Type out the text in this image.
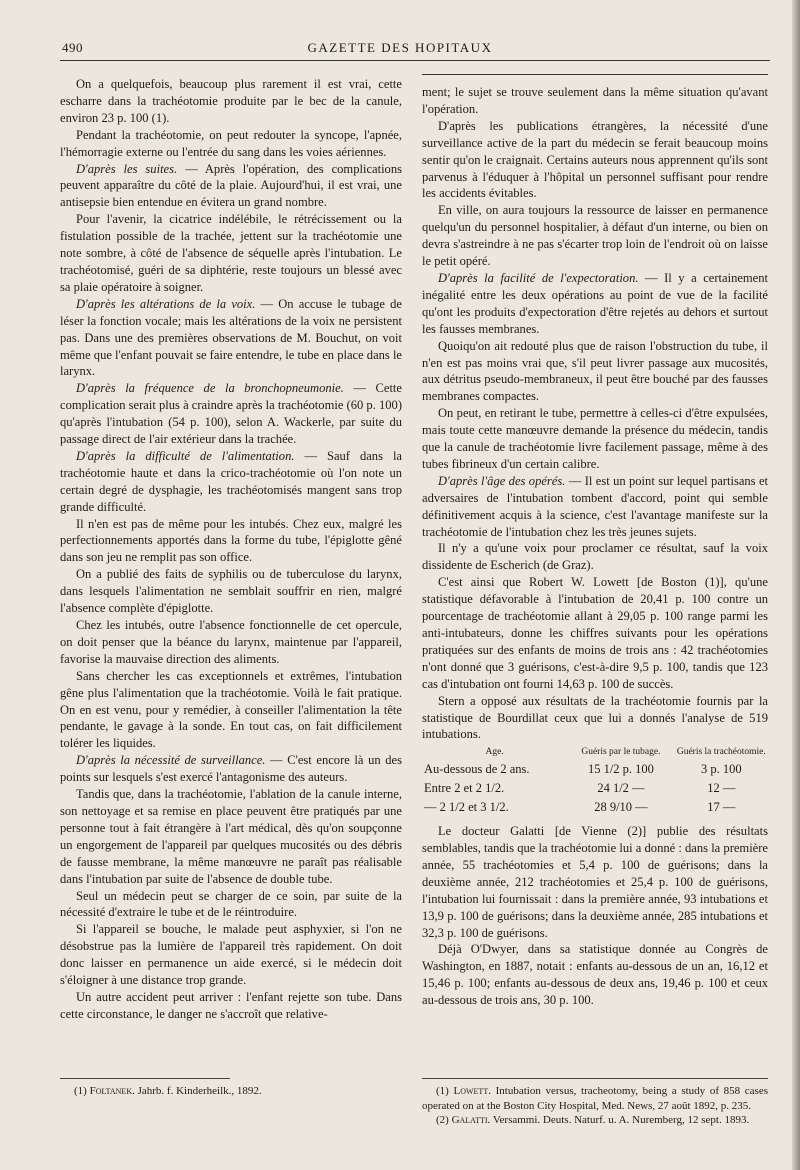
490	GAZETTE DES HOPITAUX

On a quelquefois, beaucoup plus rarement il est vrai, cette escharre dans la trachéotomie produite par le bec de la canule, environ 23 p. 100 (1).

Pendant la trachéotomie, on peut redouter la syncope, l'apnée, l'hémorragie externe ou l'entrée du sang dans les voies aériennes.

D'après les suites. — Après l'opération, des complications peuvent apparaître du côté de la plaie. Aujourd'hui, il est vrai, une antisepsie bien entendue en évitera un grand nombre.

Pour l'avenir, la cicatrice indélébile, le rétrécissement ou la fistulation possible de la trachée, jettent sur la trachéotomie une note sombre, à côté de l'absence de séquelle après l'intubation. Le trachéotomisé, guéri de sa diphtérie, reste toujours un blessé avec sa plaie opératoire à soigner.

D'après les altérations de la voix. — On accuse le tubage de léser la fonction vocale; mais les altérations de la voix ne persistent pas. Dans une des premières observations de M. Bouchut, on voit même que l'enfant pouvait se faire entendre, le tube en place dans le larynx.

D'après la fréquence de la bronchopneumonie. — Cette complication serait plus à craindre après la trachéotomie (60 p. 100) qu'après l'intubation (54 p. 100), selon A. Wackerle, par suite du passage direct de l'air extérieur dans la trachée.

D'après la difficulté de l'alimentation. — Sauf dans la trachéotomie haute et dans la crico-trachéotomie où l'on note un certain degré de dysphagie, les trachéotomisés mangent sans trop grande difficulté.

Il n'en est pas de même pour les intubés. Chez eux, malgré les perfectionnements apportés dans la forme du tube, l'épiglotte gêné dans son jeu ne remplit pas son office.

On a publié des faits de syphilis ou de tuberculose du larynx, dans lesquels l'alimentation ne semblait souffrir en rien, malgré l'absence complète d'épiglotte.

Chez les intubés, outre l'absence fonctionnelle de cet opercule, on doit penser que la béance du larynx, maintenue par l'appareil, favorise la mauvaise direction des aliments.

Sans chercher les cas exceptionnels et extrêmes, l'intubation gêne plus l'alimentation que la trachéotomie. Voilà le fait pratique. On en est venu, pour y remédier, à conseiller l'alimentation la tête pendante, le gavage à la sonde. En tout cas, on fait difficilement tolérer les liquides.

D'après la nécessité de surveillance. — C'est encore là un des points sur lesquels s'est exercé l'antagonisme des auteurs.

Tandis que, dans la trachéotomie, l'ablation de la canule interne, son nettoyage et sa remise en place peuvent être pratiqués par une personne tout à fait étrangère à l'art médical, dès qu'on soupçonne un engorgement de l'appareil par quelques mucosités ou des débris de fausse membrane, la même manœuvre ne paraît pas réalisable dans l'intubation par suite de l'absence de double tube.

Seul un médecin peut se charger de ce soin, par suite de la nécessité d'extraire le tube et de le réintroduire.

Si l'appareil se bouche, le malade peut asphyxier, si l'on ne désobstrue pas la lumière de l'appareil très rapidement. On doit donc laisser en permanence un aide exercé, si le médecin doit s'éloigner à une distance trop grande.

Un autre accident peut arriver : l'enfant rejette son tube. Dans cette circonstance, le danger ne s'accroît que relative-

(1) Foltanek. Jahrb. f. Kinderheilk., 1892.

ment; le sujet se trouve seulement dans la même situation qu'avant l'opération.

D'après les publications étrangères, la nécessité d'une surveillance active de la part du médecin se ferait beaucoup moins sentir qu'on le craignait. Certains auteurs nous apprennent qu'ils sont parvenus à l'éduquer à l'hôpital un personnel suffisant pour rendre les accidents évitables.

En ville, on aura toujours la ressource de laisser en permanence quelqu'un du personnel hospitalier, à défaut d'un interne, ou bien on devra s'astreindre à ne pas s'écarter trop loin de l'endroit où on laisse le petit opéré.

D'après la facilité de l'expectoration. — Il y a certainement inégalité entre les deux opérations au point de vue de la facilité qu'ont les produits d'expectoration d'être rejetés au dehors et surtout les fausses membranes.

Quoiqu'on ait redouté plus que de raison l'obstruction du tube, il n'en est pas moins vrai que, s'il peut livrer passage aux mucosités, aux détritus pseudo-membraneux, il peut être bouché par des fausses membranes compactes.

On peut, en retirant le tube, permettre à celles-ci d'être expulsées, mais toute cette manœuvre demande la présence du médecin, tandis que la canule de trachéotomie livre facilement passage, même à des tubes fibrineux d'un certain calibre.

D'après l'âge des opérés. — Il est un point sur lequel partisans et adversaires de l'intubation tombent d'accord, point qui semble définitivement acquis à la science, c'est l'avantage manifeste sur la trachéotomie de l'intubation chez les très jeunes sujets.

Il n'y a qu'une voix pour proclamer ce résultat, sauf la voix dissidente de Escherich (de Graz).

C'est ainsi que Robert W. Lowett [de Boston (1)], qu'une statistique défavorable à l'intubation de 20,41 p. 100 contre un pourcentage de trachéotomie allant à 29,05 p. 100 range parmi les anti-intubateurs, donne les chiffres suivants pour les opérations pratiquées sur des enfants de moins de trois ans : 42 trachéotomies n'ont donné que 3 guérisons, c'est-à-dire 9,5 p. 100, tandis que 123 cas d'intubation ont fourni 14,63 p. 100 de succès.

Stern a opposé aux résultats de la trachéotomie fournis par la statistique de Bourdillat ceux que lui a donnés l'analyse de 519 intubations.

Age.	Guéris par le tubage.	Guéris la trachéotomie.
Au-dessous de 2 ans.	15 1/2 p. 100	3 p. 100
Entre 2 et 2 1/2.	24 1/2 —	12 —
— 2 1/2 et 3 1/2.	28 9/10 —	17 —

Le docteur Galatti [de Vienne (2)] publie des résultats semblables, tandis que la trachéotomie lui a donné : dans la première année, 55 trachéotomies et 5,4 p. 100 de guérisons; dans la deuxième année, 212 trachéotomies et 25,4 p. 100 de guérisons, l'intubation lui fournissait : dans la première année, 93 intubations et 13,9 p. 100 de guérisons; dans la deuxième année, 285 intubations et 32,3 p. 100 de guérisons.

Déjà O'Dwyer, dans sa statistique donnée au Congrès de Washington, en 1887, notait : enfants au-dessous de un an, 16,12 et 15,46 p. 100; enfants au-dessous de deux ans, 19,46 p. 100 et ceux au-dessous de trois ans, 30 p. 100.

(1) Lowett. Intubation versus, tracheotomy, being a study of 858 cases operated on at the Boston City Hospital, Med. News, 27 août 1892, p. 235.

(2) Galatti. Versammi. Deuts. Naturf. u. A. Nuremberg, 12 sept. 1893.
